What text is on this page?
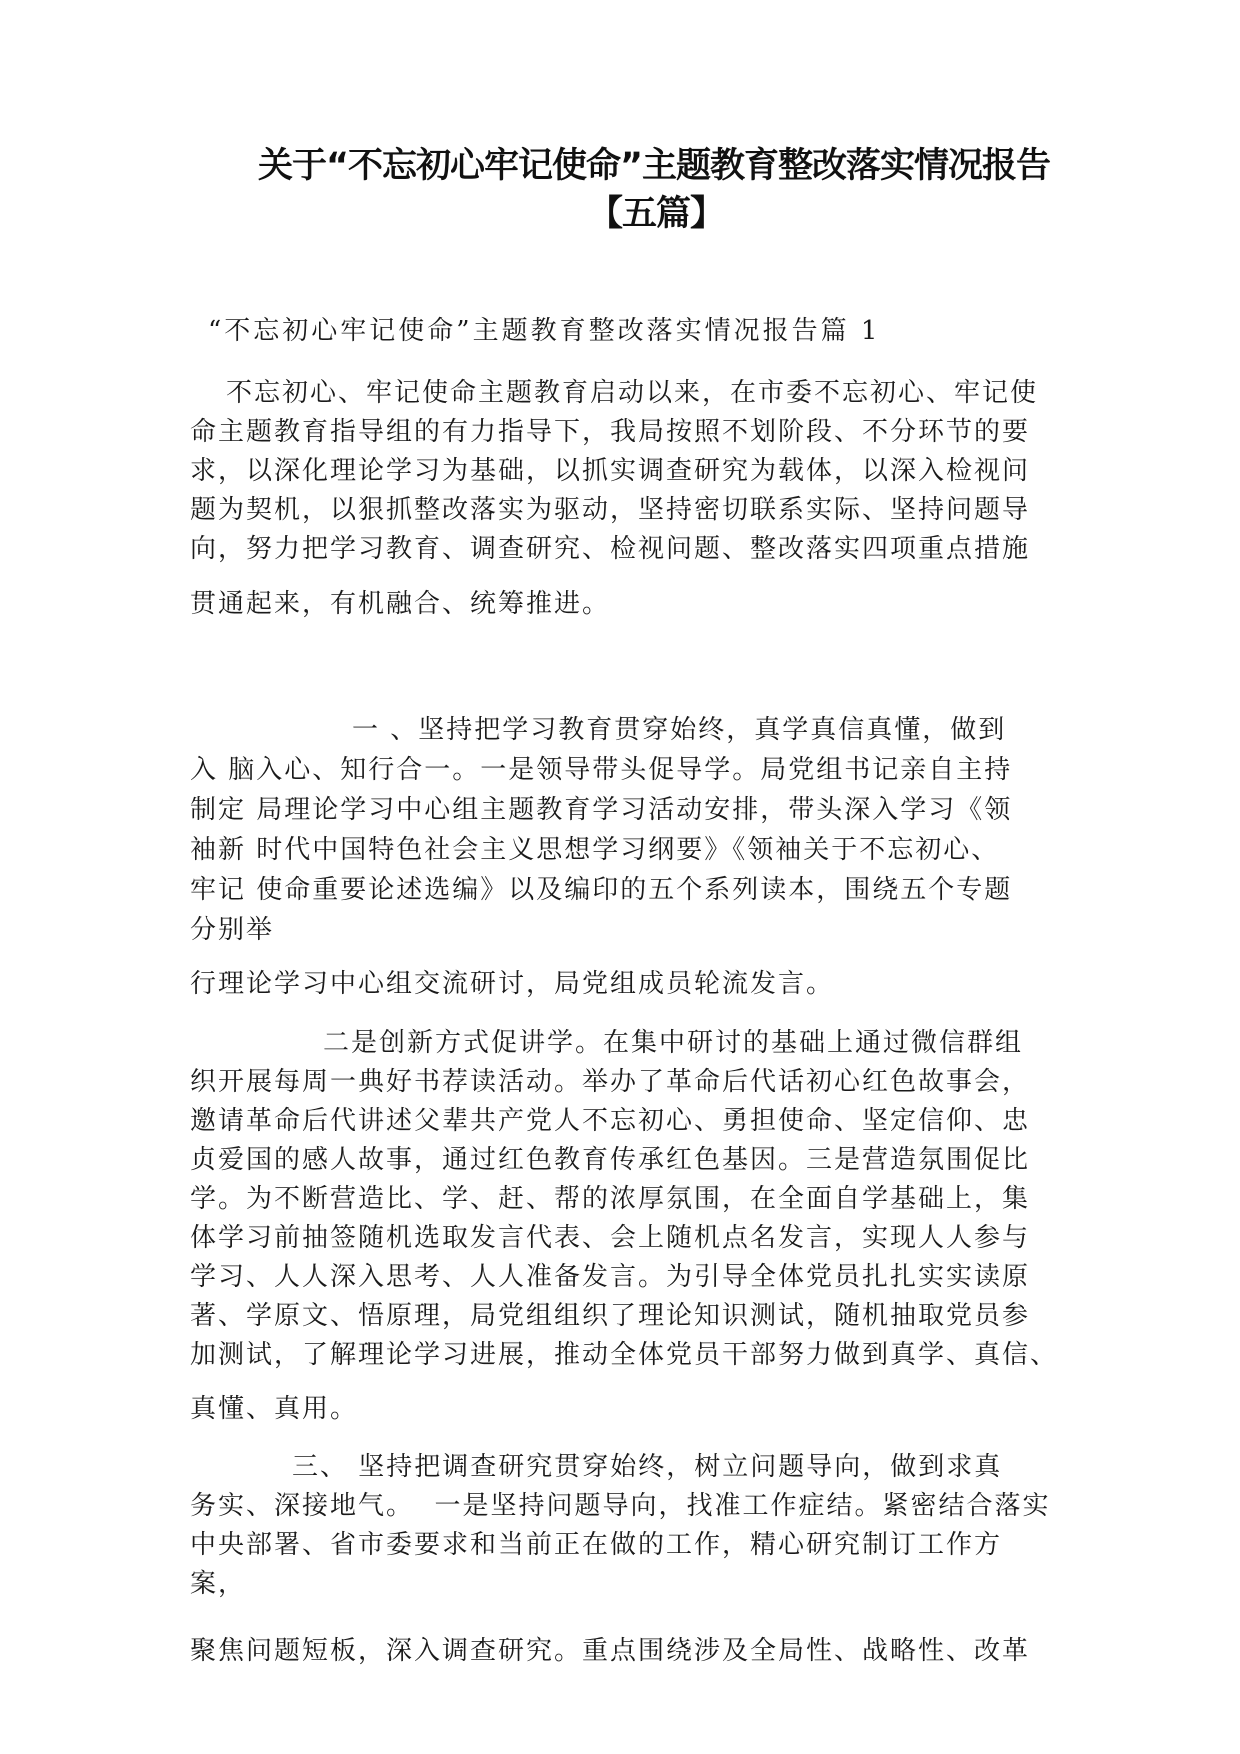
关于“不忘初心牢记使命”主题教育整改落实情况报告
【五篇】
“不忘初心牢记使命”主题教育整改落实情况报告篇 1
不忘初心、牢记使命主题教育启动以来，在市委不忘初心、牢记使
命主题教育指导组的有力指导下，我局按照不划阶段、不分环节的要
求，以深化理论学习为基础，以抓实调查研究为载体，以深入检视问
题为契机，以狠抓整改落实为驱动，坚持密切联系实际、坚持问题导
向，努力把学习教育、调查研究、检视问题、整改落实四项重点措施
贯通起来，有机融合、统筹推进。
一 、坚持把学习教育贯穿始终，真学真信真懂，做到
入 脑入心、知行合一。一是领导带头促导学。局党组书记亲自主持
制定 局理论学习中心组主题教育学习活动安排，带头深入学习《领
袖新 时代中国特色社会主义思想学习纲要》《领袖关于不忘初心、
牢记 使命重要论述选编》以及编印的五个系列读本，围绕五个专题
分别举
行理论学习中心组交流研讨，局党组成员轮流发言。
二是创新方式促讲学。在集中研讨的基础上通过微信群组
织开展每周一典好书荐读活动。举办了革命后代话初心红色故事会，
邀请革命后代讲述父辈共产党人不忘初心、勇担使命、坚定信仰、忠
贞爱国的感人故事，通过红色教育传承红色基因。三是营造氛围促比
学。为不断营造比、学、赶、帮的浓厚氛围，在全面自学基础上，集
体学习前抽签随机选取发言代表、会上随机点名发言，实现人人参与
学习、人人深入思考、人人准备发言。为引导全体党员扎扎实实读原
著、学原文、悟原理，局党组组织了理论知识测试，随机抽取党员参
加测试，了解理论学习进展，推动全体党员干部努力做到真学、真信、
真懂、真用。
三、 坚持把调查研究贯穿始终，树立问题导向，做到求真
务实、深接地气。  一是坚持问题导向，找准工作症结。紧密结合落实
中央部署、省市委要求和当前正在做的工作，精心研究制订工作方
案，
聚焦问题短板，深入调查研究。重点围绕涉及全局性、战略性、改革
